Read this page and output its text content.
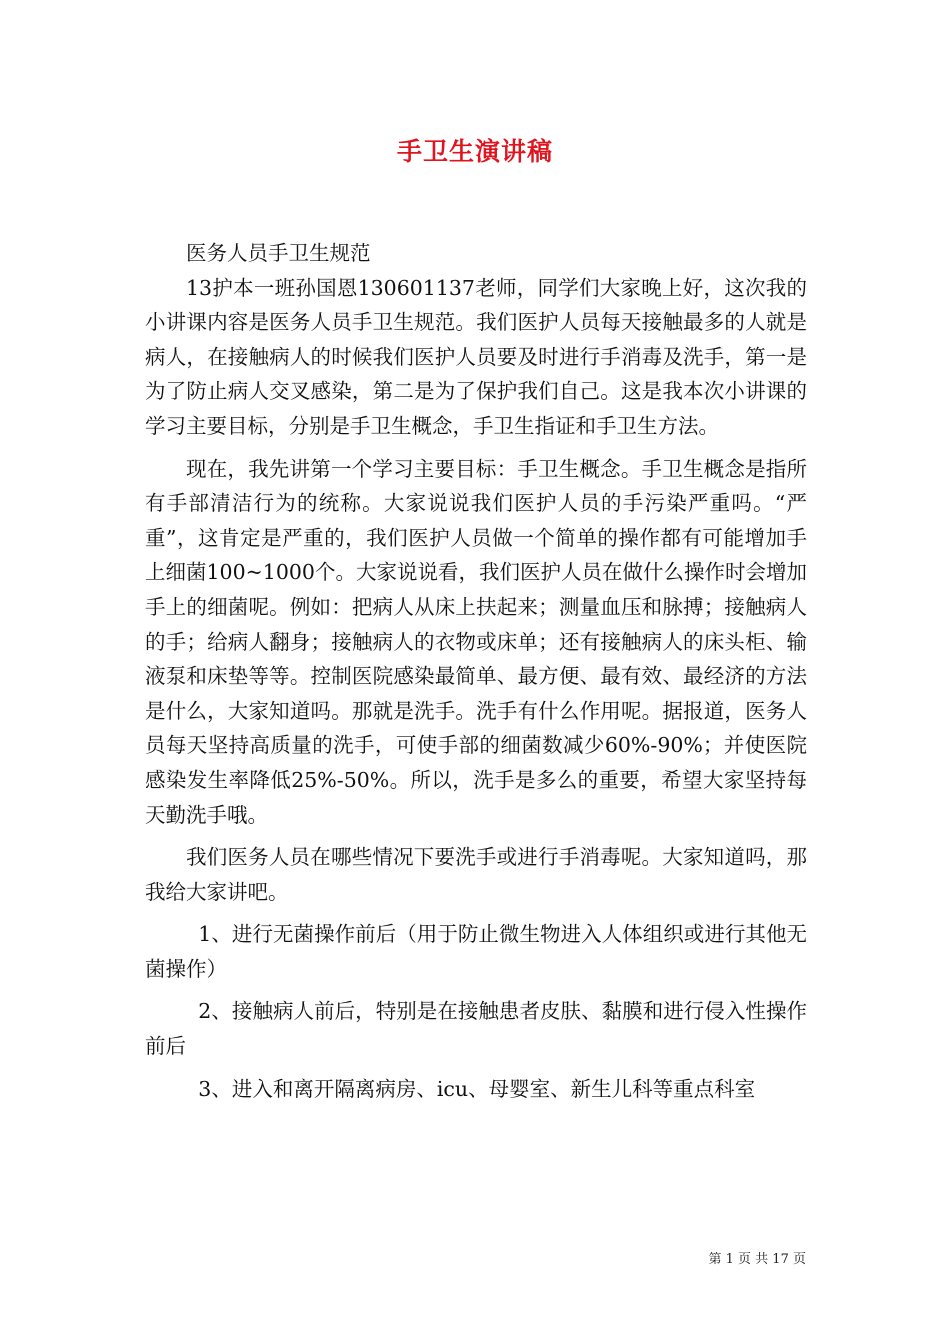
手卫生演讲稿

医务人员手卫生规范

13护本一班孙国恩130601137老师，同学们大家晚上好，这次我的小讲课内容是医务人员手卫生规范。我们医护人员每天接触最多的人就是病人，在接触病人的时候我们医护人员要及时进行手消毒及洗手，第一是为了防止病人交叉感染，第二是为了保护我们自己。这是我本次小讲课的学习主要目标，分别是手卫生概念，手卫生指证和手卫生方法。

现在，我先讲第一个学习主要目标：手卫生概念。手卫生概念是指所有手部清洁行为的统称。大家说说我们医护人员的手污染严重吗。“严重”，这肯定是严重的，我们医护人员做一个简单的操作都有可能增加手上细菌100~1000个。大家说说看，我们医护人员在做什么操作时会增加手上的细菌呢。例如：把病人从床上扶起来；测量血压和脉搏；接触病人的手；给病人翻身；接触病人的衣物或床单；还有接触病人的床头柜、输液泵和床垫等等。控制医院感染最简单、最方便、最有效、最经济的方法是什么，大家知道吗。那就是洗手。洗手有什么作用呢。据报道，医务人员每天坚持高质量的洗手，可使手部的细菌数减少60%-90%；并使医院感染发生率降低25%-50%。所以，洗手是多么的重要，希望大家坚持每天勤洗手哦。

我们医务人员在哪些情况下要洗手或进行手消毒呢。大家知道吗，那我给大家讲吧。

1、进行无菌操作前后（用于防止微生物进入人体组织或进行其他无菌操作）

2、接触病人前后，特别是在接触患者皮肤、黏膜和进行侵入性操作前后

3、进入和离开隔离病房、icu、母婴室、新生儿科等重点科室

第 1 页 共 17 页
